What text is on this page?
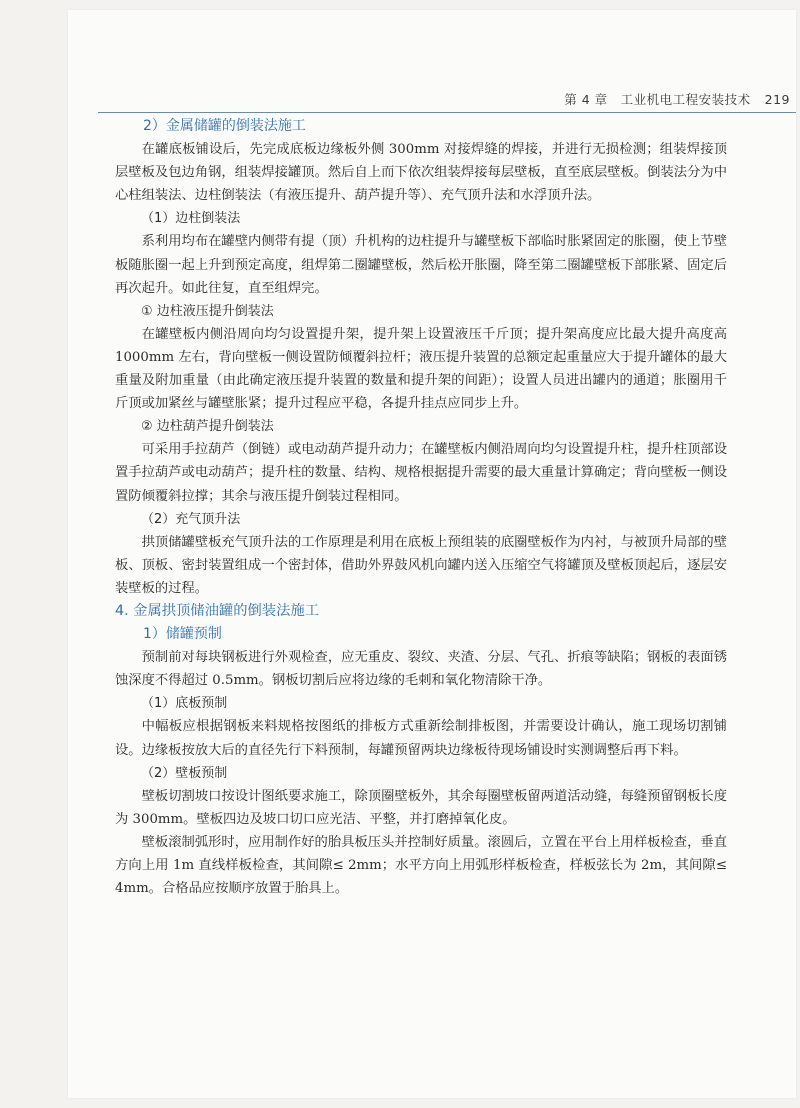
第 4 章　工业机电工程安装技术 219
2）金属储罐的倒装法施工

在罐底板铺设后，先完成底板边缘板外侧 300mm 对接焊缝的焊接，并进行无损检测；组装焊接顶层壁板及包边角钢，组装焊接罐顶。然后自上而下依次组装焊接每层壁板，直至底层壁板。倒装法分为中心柱组装法、边柱倒装法（有液压提升、葫芦提升等）、充气顶升法和水浮顶升法。

（1）边柱倒装法

系利用均布在罐壁内侧带有提（顶）升机构的边柱提升与罐壁板下部临时胀紧固定的胀圈，使上节壁板随胀圈一起上升到预定高度，组焊第二圈罐壁板，然后松开胀圈，降至第二圈罐壁板下部胀紧、固定后再次起升。如此往复，直至组焊完。

① 边柱液压提升倒装法

在罐壁板内侧沿周向均匀设置提升架，提升架上设置液压千斤顶；提升架高度应比最大提升高度高 1000mm 左右，背向壁板一侧设置防倾覆斜拉杆；液压提升装置的总额定起重量应大于提升罐体的最大重量及附加重量（由此确定液压提升装置的数量和提升架的间距）；设置人员进出罐内的通道；胀圈用千斤顶或加紧丝与罐壁胀紧；提升过程应平稳，各提升挂点应同步上升。

② 边柱葫芦提升倒装法

可采用手拉葫芦（倒链）或电动葫芦提升动力；在罐壁板内侧沿周向均匀设置提升柱，提升柱顶部设置手拉葫芦或电动葫芦；提升柱的数量、结构、规格根据提升需要的最大重量计算确定；背向壁板一侧设置防倾覆斜拉撑；其余与液压提升倒装过程相同。

（2）充气顶升法

拱顶储罐壁板充气顶升法的工作原理是利用在底板上预组装的底圈壁板作为内衬，与被顶升局部的壁板、顶板、密封装置组成一个密封体，借助外界鼓风机向罐内送入压缩空气将罐顶及壁板顶起后，逐层安装壁板的过程。

4. 金属拱顶储油罐的倒装法施工
1）储罐预制

预制前对每块钢板进行外观检查，应无重皮、裂纹、夹渣、分层、气孔、折痕等缺陷；钢板的表面锈蚀深度不得超过 0.5mm。钢板切割后应将边缘的毛刺和氧化物清除干净。

（1）底板预制

中幅板应根据钢板来料规格按图纸的排板方式重新绘制排板图，并需要设计确认，施工现场切割铺设。边缘板按放大后的直径先行下料预制，每罐预留两块边缘板待现场铺设时实测调整后再下料。

（2）壁板预制

壁板切割坡口按设计图纸要求施工，除顶圈壁板外，其余每圈壁板留两道活动缝，每缝预留钢板长度为 300mm。壁板四边及坡口切口应光洁、平整，并打磨掉氧化皮。

壁板滚制弧形时，应用制作好的胎具板压头并控制好质量。滚圆后，立置在平台上用样板检查，垂直方向上用 1m 直线样板检查，其间隙≤ 2mm；水平方向上用弧形样板检查，样板弦长为 2m，其间隙≤ 4mm。合格品应按顺序放置于胎具上。
